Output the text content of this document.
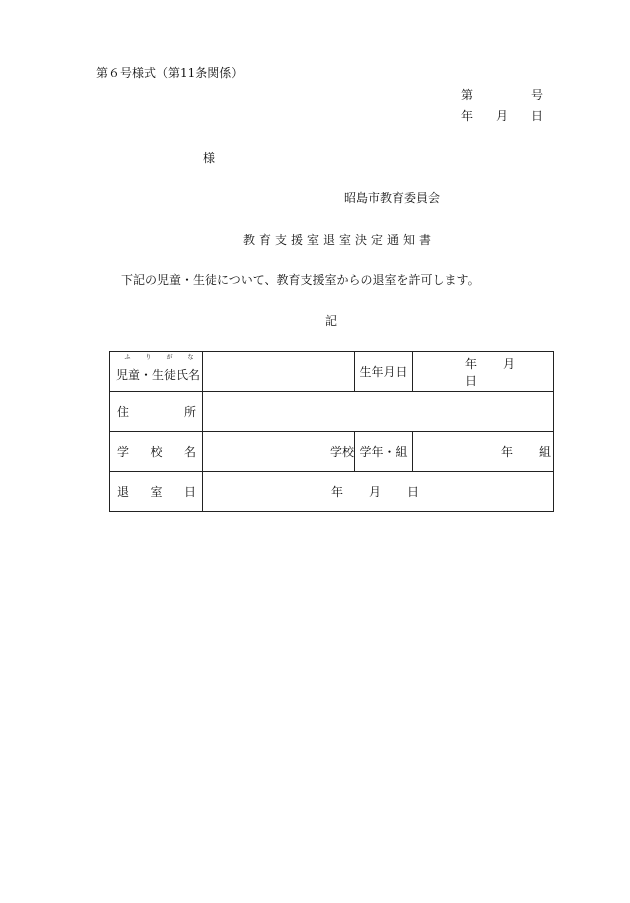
第６号様式（第11条関係）
第	号
年 月 日
様
昭島市教育委員会
教育支援室退室決定通知書
下記の児童・生徒について、教育支援室からの退室を許可します。
記
ふ り が な
児童・生徒氏名		生年月日	年 月日

住 所			

学 校 名	学校	学年・組	年 組

退 室 日	年 月 日		
